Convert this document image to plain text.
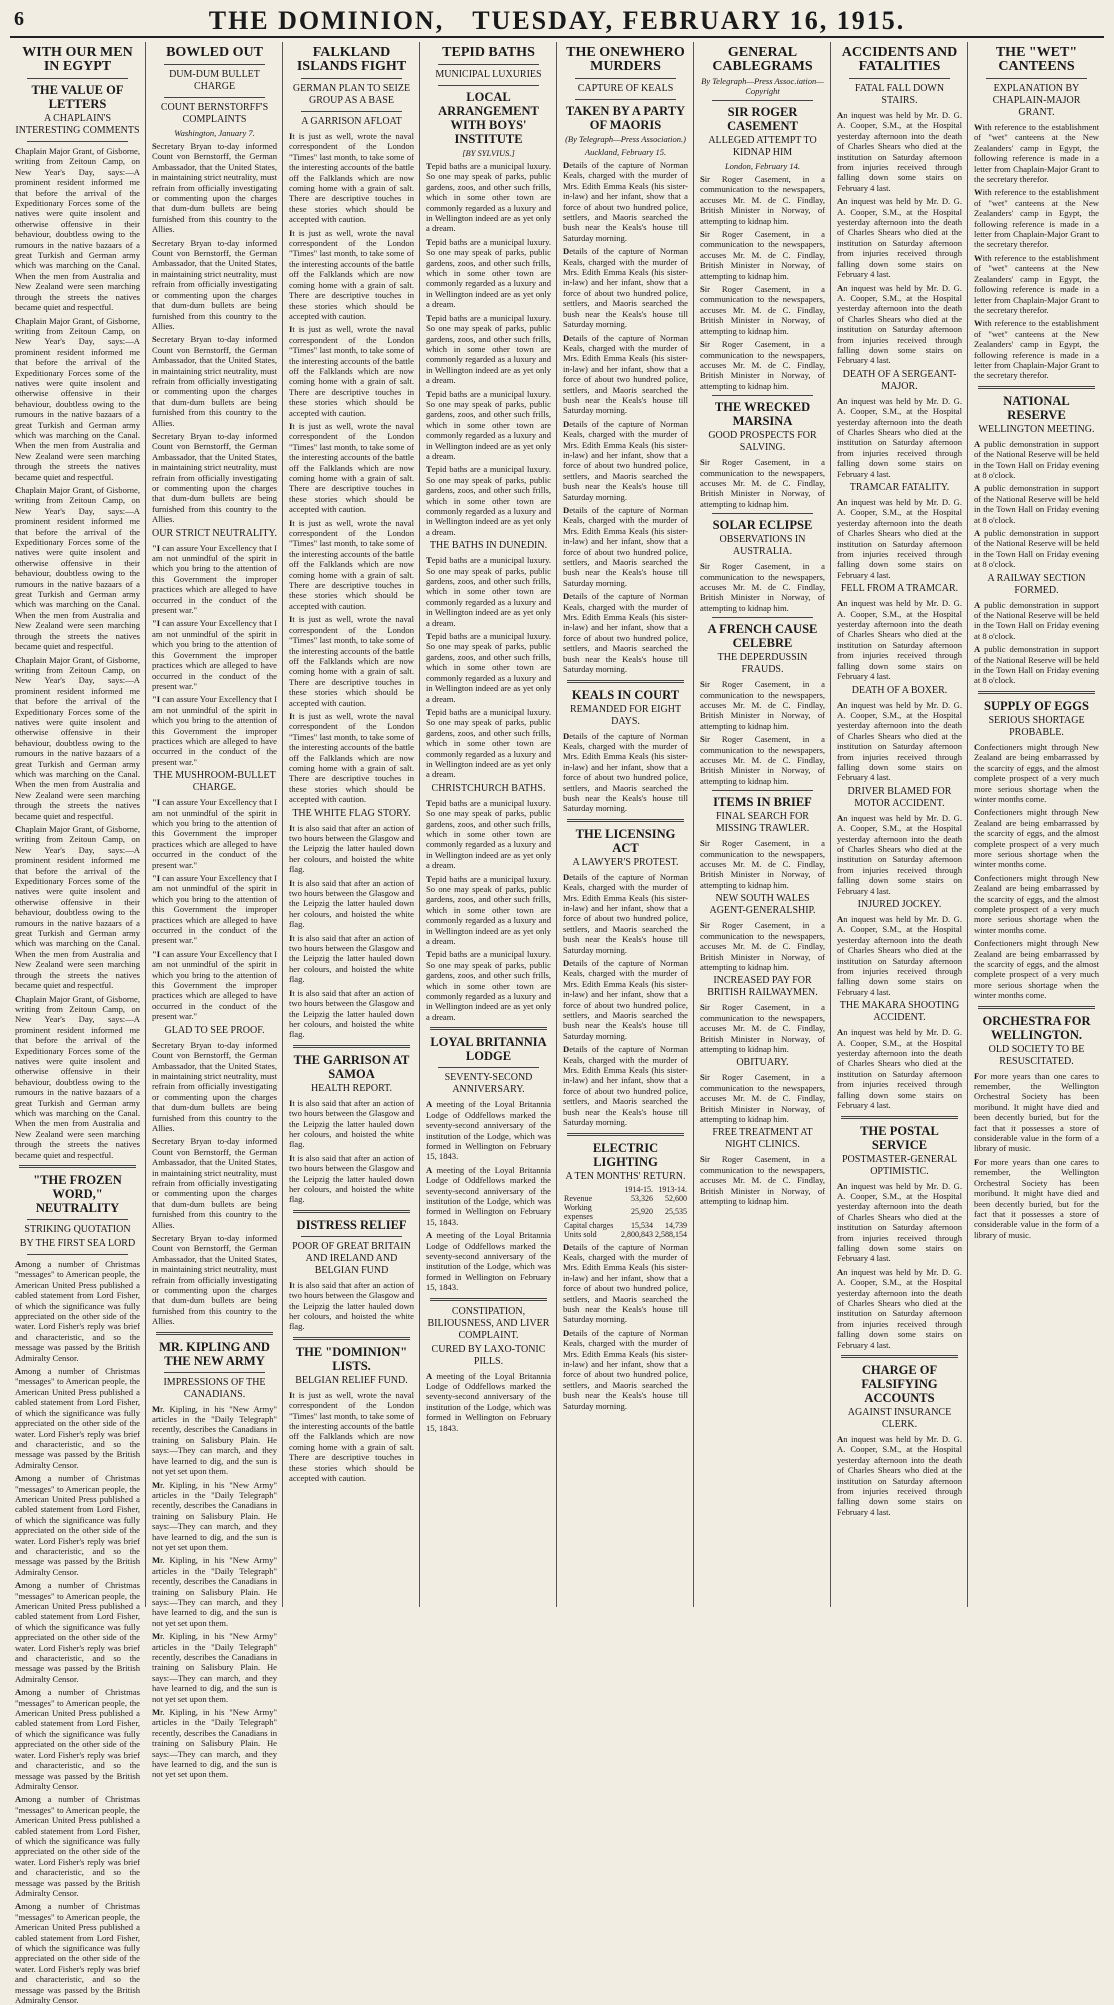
6	THE DOMINION, TUESDAY, FEBRUARY 16, 1915.
WITH OUR MEN IN EGYPT
THE VALUE OF LETTERS
A CHAPLAIN'S INTERESTING COMMENTS
Chaplain Major Grant, of Gisborne, writing from Zeitoun Camp, on New Year's Day, says:—A prominent resident informed me that before the arrival of the Expeditionary Forces some of the natives were quite insolent and otherwise offensive in their behaviour, doubtless owing to the rumours in the native bazaars of a great Turkish and German army which was marching on the Canal. When the men from Australia and New Zealand were seen marching through the streets the natives became quiet and respectful.
Chaplain Major Grant, of Gisborne, writing from Zeitoun Camp, on New Year's Day, says:—A prominent resident informed me that before the arrival of the Expeditionary Forces some of the natives were quite insolent and otherwise offensive in their behaviour, doubtless owing to the rumours in the native bazaars of a great Turkish and German army which was marching on the Canal. When the men from Australia and New Zealand were seen marching through the streets the natives became quiet and respectful.
Chaplain Major Grant, of Gisborne, writing from Zeitoun Camp, on New Year's Day, says:—A prominent resident informed me that before the arrival of the Expeditionary Forces some of the natives were quite insolent and otherwise offensive in their behaviour, doubtless owing to the rumours in the native bazaars of a great Turkish and German army which was marching on the Canal. When the men from Australia and New Zealand were seen marching through the streets the natives became quiet and respectful.
Chaplain Major Grant, of Gisborne, writing from Zeitoun Camp, on New Year's Day, says:—A prominent resident informed me that before the arrival of the Expeditionary Forces some of the natives were quite insolent and otherwise offensive in their behaviour, doubtless owing to the rumours in the native bazaars of a great Turkish and German army which was marching on the Canal. When the men from Australia and New Zealand were seen marching through the streets the natives became quiet and respectful.
Chaplain Major Grant, of Gisborne, writing from Zeitoun Camp, on New Year's Day, says:—A prominent resident informed me that before the arrival of the Expeditionary Forces some of the natives were quite insolent and otherwise offensive in their behaviour, doubtless owing to the rumours in the native bazaars of a great Turkish and German army which was marching on the Canal. When the men from Australia and New Zealand were seen marching through the streets the natives became quiet and respectful.
Chaplain Major Grant, of Gisborne, writing from Zeitoun Camp, on New Year's Day, says:—A prominent resident informed me that before the arrival of the Expeditionary Forces some of the natives were quite insolent and otherwise offensive in their behaviour, doubtless owing to the rumours in the native bazaars of a great Turkish and German army which was marching on the Canal. When the men from Australia and New Zealand were seen marching through the streets the natives became quiet and respectful.
"THE FROZEN WORD," NEUTRALITY
STRIKING QUOTATION
BY THE FIRST SEA LORD
Among a number of Christmas "messages" to American people, the American United Press published a cabled statement from Lord Fisher, of which the significance was fully appreciated on the other side of the water. Lord Fisher's reply was brief and characteristic, and so the message was passed by the British Admiralty Censor.
Among a number of Christmas "messages" to American people, the American United Press published a cabled statement from Lord Fisher, of which the significance was fully appreciated on the other side of the water. Lord Fisher's reply was brief and characteristic, and so the message was passed by the British Admiralty Censor.
Among a number of Christmas "messages" to American people, the American United Press published a cabled statement from Lord Fisher, of which the significance was fully appreciated on the other side of the water. Lord Fisher's reply was brief and characteristic, and so the message was passed by the British Admiralty Censor.
Among a number of Christmas "messages" to American people, the American United Press published a cabled statement from Lord Fisher, of which the significance was fully appreciated on the other side of the water. Lord Fisher's reply was brief and characteristic, and so the message was passed by the British Admiralty Censor.
Among a number of Christmas "messages" to American people, the American United Press published a cabled statement from Lord Fisher, of which the significance was fully appreciated on the other side of the water. Lord Fisher's reply was brief and characteristic, and so the message was passed by the British Admiralty Censor.
Among a number of Christmas "messages" to American people, the American United Press published a cabled statement from Lord Fisher, of which the significance was fully appreciated on the other side of the water. Lord Fisher's reply was brief and characteristic, and so the message was passed by the British Admiralty Censor.
Among a number of Christmas "messages" to American people, the American United Press published a cabled statement from Lord Fisher, of which the significance was fully appreciated on the other side of the water. Lord Fisher's reply was brief and characteristic, and so the message was passed by the British Admiralty Censor.
BOWLED OUT
DUM-DUM BULLET CHARGE
COUNT BERNSTORFF'S COMPLAINTS
Washington, January 7.
Secretary Bryan to-day informed Count von Bernstorff, the German Ambassador, that the United States, in maintaining strict neutrality, must refrain from officially investigating or commenting upon the charges that dum-dum bullets are being furnished from this country to the Allies.
Secretary Bryan to-day informed Count von Bernstorff, the German Ambassador, that the United States, in maintaining strict neutrality, must refrain from officially investigating or commenting upon the charges that dum-dum bullets are being furnished from this country to the Allies.
Secretary Bryan to-day informed Count von Bernstorff, the German Ambassador, that the United States, in maintaining strict neutrality, must refrain from officially investigating or commenting upon the charges that dum-dum bullets are being furnished from this country to the Allies.
Secretary Bryan to-day informed Count von Bernstorff, the German Ambassador, that the United States, in maintaining strict neutrality, must refrain from officially investigating or commenting upon the charges that dum-dum bullets are being furnished from this country to the Allies.
OUR STRICT NEUTRALITY.
"I can assure Your Excellency that I am not unmindful of the spirit in which you bring to the attention of this Government the improper practices which are alleged to have occurred in the conduct of the present war."
"I can assure Your Excellency that I am not unmindful of the spirit in which you bring to the attention of this Government the improper practices which are alleged to have occurred in the conduct of the present war."
"I can assure Your Excellency that I am not unmindful of the spirit in which you bring to the attention of this Government the improper practices which are alleged to have occurred in the conduct of the present war."
THE MUSHROOM-BULLET CHARGE.
"I can assure Your Excellency that I am not unmindful of the spirit in which you bring to the attention of this Government the improper practices which are alleged to have occurred in the conduct of the present war."
"I can assure Your Excellency that I am not unmindful of the spirit in which you bring to the attention of this Government the improper practices which are alleged to have occurred in the conduct of the present war."
"I can assure Your Excellency that I am not unmindful of the spirit in which you bring to the attention of this Government the improper practices which are alleged to have occurred in the conduct of the present war."
GLAD TO SEE PROOF.
Secretary Bryan to-day informed Count von Bernstorff, the German Ambassador, that the United States, in maintaining strict neutrality, must refrain from officially investigating or commenting upon the charges that dum-dum bullets are being furnished from this country to the Allies.
Secretary Bryan to-day informed Count von Bernstorff, the German Ambassador, that the United States, in maintaining strict neutrality, must refrain from officially investigating or commenting upon the charges that dum-dum bullets are being furnished from this country to the Allies.
Secretary Bryan to-day informed Count von Bernstorff, the German Ambassador, that the United States, in maintaining strict neutrality, must refrain from officially investigating or commenting upon the charges that dum-dum bullets are being furnished from this country to the Allies.
MR. KIPLING AND THE NEW ARMY
IMPRESSIONS OF THE CANADIANS.
Mr. Kipling, in his "New Army" articles in the "Daily Telegraph" recently, describes the Canadians in training on Salisbury Plain. He says:—They can march, and they have learned to dig, and the sun is not yet set upon them.
Mr. Kipling, in his "New Army" articles in the "Daily Telegraph" recently, describes the Canadians in training on Salisbury Plain. He says:—They can march, and they have learned to dig, and the sun is not yet set upon them.
Mr. Kipling, in his "New Army" articles in the "Daily Telegraph" recently, describes the Canadians in training on Salisbury Plain. He says:—They can march, and they have learned to dig, and the sun is not yet set upon them.
Mr. Kipling, in his "New Army" articles in the "Daily Telegraph" recently, describes the Canadians in training on Salisbury Plain. He says:—They can march, and they have learned to dig, and the sun is not yet set upon them.
Mr. Kipling, in his "New Army" articles in the "Daily Telegraph" recently, describes the Canadians in training on Salisbury Plain. He says:—They can march, and they have learned to dig, and the sun is not yet set upon them.
FALKLAND ISLANDS FIGHT
GERMAN PLAN TO SEIZE GROUP AS A BASE
A GARRISON AFLOAT
It is just as well, wrote the naval correspondent of the London "Times" last month, to take some of the interesting accounts of the battle off the Falklands which are now coming home with a grain of salt. There are descriptive touches in these stories which should be accepted with caution.
It is just as well, wrote the naval correspondent of the London "Times" last month, to take some of the interesting accounts of the battle off the Falklands which are now coming home with a grain of salt. There are descriptive touches in these stories which should be accepted with caution.
It is just as well, wrote the naval correspondent of the London "Times" last month, to take some of the interesting accounts of the battle off the Falklands which are now coming home with a grain of salt. There are descriptive touches in these stories which should be accepted with caution.
It is just as well, wrote the naval correspondent of the London "Times" last month, to take some of the interesting accounts of the battle off the Falklands which are now coming home with a grain of salt. There are descriptive touches in these stories which should be accepted with caution.
It is just as well, wrote the naval correspondent of the London "Times" last month, to take some of the interesting accounts of the battle off the Falklands which are now coming home with a grain of salt. There are descriptive touches in these stories which should be accepted with caution.
It is just as well, wrote the naval correspondent of the London "Times" last month, to take some of the interesting accounts of the battle off the Falklands which are now coming home with a grain of salt. There are descriptive touches in these stories which should be accepted with caution.
It is just as well, wrote the naval correspondent of the London "Times" last month, to take some of the interesting accounts of the battle off the Falklands which are now coming home with a grain of salt. There are descriptive touches in these stories which should be accepted with caution.
THE WHITE FLAG STORY.
It is also said that after an action of two hours between the Glasgow and the Leipzig the latter hauled down her colours, and hoisted the white flag.
It is also said that after an action of two hours between the Glasgow and the Leipzig the latter hauled down her colours, and hoisted the white flag.
It is also said that after an action of two hours between the Glasgow and the Leipzig the latter hauled down her colours, and hoisted the white flag.
It is also said that after an action of two hours between the Glasgow and the Leipzig the latter hauled down her colours, and hoisted the white flag.
THE GARRISON AT SAMOA
HEALTH REPORT.
It is also said that after an action of two hours between the Glasgow and the Leipzig the latter hauled down her colours, and hoisted the white flag.
It is also said that after an action of two hours between the Glasgow and the Leipzig the latter hauled down her colours, and hoisted the white flag.
DISTRESS RELIEF
POOR OF GREAT BRITAIN AND IRELAND AND BELGIAN FUND
It is also said that after an action of two hours between the Glasgow and the Leipzig the latter hauled down her colours, and hoisted the white flag.
THE "DOMINION" LISTS.
BELGIAN RELIEF FUND.
It is just as well, wrote the naval correspondent of the London "Times" last month, to take some of the interesting accounts of the battle off the Falklands which are now coming home with a grain of salt. There are descriptive touches in these stories which should be accepted with caution.
TEPID BATHS
MUNICIPAL LUXURIES
LOCAL ARRANGEMENT WITH BOYS' INSTITUTE
[BY SYLVIUS.]
Tepid baths are a municipal luxury. So one may speak of parks, public gardens, zoos, and other such frills, which in some other town are commonly regarded as a luxury and in Wellington indeed are as yet only a dream.
Tepid baths are a municipal luxury. So one may speak of parks, public gardens, zoos, and other such frills, which in some other town are commonly regarded as a luxury and in Wellington indeed are as yet only a dream.
Tepid baths are a municipal luxury. So one may speak of parks, public gardens, zoos, and other such frills, which in some other town are commonly regarded as a luxury and in Wellington indeed are as yet only a dream.
Tepid baths are a municipal luxury. So one may speak of parks, public gardens, zoos, and other such frills, which in some other town are commonly regarded as a luxury and in Wellington indeed are as yet only a dream.
Tepid baths are a municipal luxury. So one may speak of parks, public gardens, zoos, and other such frills, which in some other town are commonly regarded as a luxury and in Wellington indeed are as yet only a dream.
THE BATHS IN DUNEDIN.
Tepid baths are a municipal luxury. So one may speak of parks, public gardens, zoos, and other such frills, which in some other town are commonly regarded as a luxury and in Wellington indeed are as yet only a dream.
Tepid baths are a municipal luxury. So one may speak of parks, public gardens, zoos, and other such frills, which in some other town are commonly regarded as a luxury and in Wellington indeed are as yet only a dream.
Tepid baths are a municipal luxury. So one may speak of parks, public gardens, zoos, and other such frills, which in some other town are commonly regarded as a luxury and in Wellington indeed are as yet only a dream.
CHRISTCHURCH BATHS.
Tepid baths are a municipal luxury. So one may speak of parks, public gardens, zoos, and other such frills, which in some other town are commonly regarded as a luxury and in Wellington indeed are as yet only a dream.
Tepid baths are a municipal luxury. So one may speak of parks, public gardens, zoos, and other such frills, which in some other town are commonly regarded as a luxury and in Wellington indeed are as yet only a dream.
Tepid baths are a municipal luxury. So one may speak of parks, public gardens, zoos, and other such frills, which in some other town are commonly regarded as a luxury and in Wellington indeed are as yet only a dream.
LOYAL BRITANNIA LODGE
SEVENTY-SECOND ANNIVERSARY.
A meeting of the Loyal Britannia Lodge of Oddfellows marked the seventy-second anniversary of the institution of the Lodge, which was formed in Wellington on February 15, 1843.
A meeting of the Loyal Britannia Lodge of Oddfellows marked the seventy-second anniversary of the institution of the Lodge, which was formed in Wellington on February 15, 1843.
A meeting of the Loyal Britannia Lodge of Oddfellows marked the seventy-second anniversary of the institution of the Lodge, which was formed in Wellington on February 15, 1843.
CONSTIPATION, BILIOUSNESS, AND LIVER COMPLAINT.
CURED BY LAXO-TONIC PILLS.
A meeting of the Loyal Britannia Lodge of Oddfellows marked the seventy-second anniversary of the institution of the Lodge, which was formed in Wellington on February 15, 1843.
THE ONEWHERO MURDERS
CAPTURE OF KEALS
TAKEN BY A PARTY OF MAORIS
(By Telegraph—Press Association.)
Auckland, February 15.
Details of the capture of Norman Keals, charged with the murder of Mrs. Edith Emma Keals (his sister-in-law) and her infant, show that a force of about two hundred police, settlers, and Maoris searched the bush near the Keals's house till Saturday morning.
Details of the capture of Norman Keals, charged with the murder of Mrs. Edith Emma Keals (his sister-in-law) and her infant, show that a force of about two hundred police, settlers, and Maoris searched the bush near the Keals's house till Saturday morning.
Details of the capture of Norman Keals, charged with the murder of Mrs. Edith Emma Keals (his sister-in-law) and her infant, show that a force of about two hundred police, settlers, and Maoris searched the bush near the Keals's house till Saturday morning.
Details of the capture of Norman Keals, charged with the murder of Mrs. Edith Emma Keals (his sister-in-law) and her infant, show that a force of about two hundred police, settlers, and Maoris searched the bush near the Keals's house till Saturday morning.
Details of the capture of Norman Keals, charged with the murder of Mrs. Edith Emma Keals (his sister-in-law) and her infant, show that a force of about two hundred police, settlers, and Maoris searched the bush near the Keals's house till Saturday morning.
Details of the capture of Norman Keals, charged with the murder of Mrs. Edith Emma Keals (his sister-in-law) and her infant, show that a force of about two hundred police, settlers, and Maoris searched the bush near the Keals's house till Saturday morning.
KEALS IN COURT
REMANDED FOR EIGHT DAYS.
Details of the capture of Norman Keals, charged with the murder of Mrs. Edith Emma Keals (his sister-in-law) and her infant, show that a force of about two hundred police, settlers, and Maoris searched the bush near the Keals's house till Saturday morning.
THE LICENSING ACT
A LAWYER'S PROTEST.
Details of the capture of Norman Keals, charged with the murder of Mrs. Edith Emma Keals (his sister-in-law) and her infant, show that a force of about two hundred police, settlers, and Maoris searched the bush near the Keals's house till Saturday morning.
Details of the capture of Norman Keals, charged with the murder of Mrs. Edith Emma Keals (his sister-in-law) and her infant, show that a force of about two hundred police, settlers, and Maoris searched the bush near the Keals's house till Saturday morning.
Details of the capture of Norman Keals, charged with the murder of Mrs. Edith Emma Keals (his sister-in-law) and her infant, show that a force of about two hundred police, settlers, and Maoris searched the bush near the Keals's house till Saturday morning.
ELECTRIC LIGHTING
A TEN MONTHS' RETURN.
	1914-15.	1913-14.
Revenue	53,326	52,600
Working expenses	25,920	25,535
Capital charges	15,534	14,739
Units sold	2,800,843	2,588,154
Details of the capture of Norman Keals, charged with the murder of Mrs. Edith Emma Keals (his sister-in-law) and her infant, show that a force of about two hundred police, settlers, and Maoris searched the bush near the Keals's house till Saturday morning.
Details of the capture of Norman Keals, charged with the murder of Mrs. Edith Emma Keals (his sister-in-law) and her infant, show that a force of about two hundred police, settlers, and Maoris searched the bush near the Keals's house till Saturday morning.
GENERAL CABLEGRAMS
By Telegraph—Press Assoc.iation—Copyright
SIR ROGER CASEMENT
ALLEGED ATTEMPT TO KIDNAP HIM
London, February 14.
Sir Roger Casement, in a communication to the newspapers, accuses Mr. M. de C. Findlay, British Minister in Norway, of attempting to kidnap him.
Sir Roger Casement, in a communication to the newspapers, accuses Mr. M. de C. Findlay, British Minister in Norway, of attempting to kidnap him.
Sir Roger Casement, in a communication to the newspapers, accuses Mr. M. de C. Findlay, British Minister in Norway, of attempting to kidnap him.
Sir Roger Casement, in a communication to the newspapers, accuses Mr. M. de C. Findlay, British Minister in Norway, of attempting to kidnap him.
THE WRECKED MARSINA
GOOD PROSPECTS FOR SALVING.
Sir Roger Casement, in a communication to the newspapers, accuses Mr. M. de C. Findlay, British Minister in Norway, of attempting to kidnap him.
SOLAR ECLIPSE
OBSERVATIONS IN AUSTRALIA.
Sir Roger Casement, in a communication to the newspapers, accuses Mr. M. de C. Findlay, British Minister in Norway, of attempting to kidnap him.
A FRENCH CAUSE CELEBRE
THE DEPERDUSSIN FRAUDS.
Sir Roger Casement, in a communication to the newspapers, accuses Mr. M. de C. Findlay, British Minister in Norway, of attempting to kidnap him.
Sir Roger Casement, in a communication to the newspapers, accuses Mr. M. de C. Findlay, British Minister in Norway, of attempting to kidnap him.
ITEMS IN BRIEF
FINAL SEARCH FOR MISSING TRAWLER.
Sir Roger Casement, in a communication to the newspapers, accuses Mr. M. de C. Findlay, British Minister in Norway, of attempting to kidnap him.
NEW SOUTH WALES AGENT-GENERALSHIP.
Sir Roger Casement, in a communication to the newspapers, accuses Mr. M. de C. Findlay, British Minister in Norway, of attempting to kidnap him.
INCREASED PAY FOR BRITISH RAILWAYMEN.
Sir Roger Casement, in a communication to the newspapers, accuses Mr. M. de C. Findlay, British Minister in Norway, of attempting to kidnap him.
OBITUARY.
Sir Roger Casement, in a communication to the newspapers, accuses Mr. M. de C. Findlay, British Minister in Norway, of attempting to kidnap him.
FREE TREATMENT AT NIGHT CLINICS.
Sir Roger Casement, in a communication to the newspapers, accuses Mr. M. de C. Findlay, British Minister in Norway, of attempting to kidnap him.
ACCIDENTS AND FATALITIES
FATAL FALL DOWN STAIRS.
An inquest was held by Mr. D. G. A. Cooper, S.M., at the Hospital yesterday afternoon into the death of Charles Shears who died at the institution on Saturday afternoon from injuries received through falling down some stairs on February 4 last.
An inquest was held by Mr. D. G. A. Cooper, S.M., at the Hospital yesterday afternoon into the death of Charles Shears who died at the institution on Saturday afternoon from injuries received through falling down some stairs on February 4 last.
An inquest was held by Mr. D. G. A. Cooper, S.M., at the Hospital yesterday afternoon into the death of Charles Shears who died at the institution on Saturday afternoon from injuries received through falling down some stairs on February 4 last.
DEATH OF A SERGEANT-MAJOR.
An inquest was held by Mr. D. G. A. Cooper, S.M., at the Hospital yesterday afternoon into the death of Charles Shears who died at the institution on Saturday afternoon from injuries received through falling down some stairs on February 4 last.
TRAMCAR FATALITY.
An inquest was held by Mr. D. G. A. Cooper, S.M., at the Hospital yesterday afternoon into the death of Charles Shears who died at the institution on Saturday afternoon from injuries received through falling down some stairs on February 4 last.
FELL FROM A TRAMCAR.
An inquest was held by Mr. D. G. A. Cooper, S.M., at the Hospital yesterday afternoon into the death of Charles Shears who died at the institution on Saturday afternoon from injuries received through falling down some stairs on February 4 last.
DEATH OF A BOXER.
An inquest was held by Mr. D. G. A. Cooper, S.M., at the Hospital yesterday afternoon into the death of Charles Shears who died at the institution on Saturday afternoon from injuries received through falling down some stairs on February 4 last.
DRIVER BLAMED FOR MOTOR ACCIDENT.
An inquest was held by Mr. D. G. A. Cooper, S.M., at the Hospital yesterday afternoon into the death of Charles Shears who died at the institution on Saturday afternoon from injuries received through falling down some stairs on February 4 last.
INJURED JOCKEY.
An inquest was held by Mr. D. G. A. Cooper, S.M., at the Hospital yesterday afternoon into the death of Charles Shears who died at the institution on Saturday afternoon from injuries received through falling down some stairs on February 4 last.
THE MAKARA SHOOTING ACCIDENT.
An inquest was held by Mr. D. G. A. Cooper, S.M., at the Hospital yesterday afternoon into the death of Charles Shears who died at the institution on Saturday afternoon from injuries received through falling down some stairs on February 4 last.
THE POSTAL SERVICE
POSTMASTER-GENERAL OPTIMISTIC.
An inquest was held by Mr. D. G. A. Cooper, S.M., at the Hospital yesterday afternoon into the death of Charles Shears who died at the institution on Saturday afternoon from injuries received through falling down some stairs on February 4 last.
An inquest was held by Mr. D. G. A. Cooper, S.M., at the Hospital yesterday afternoon into the death of Charles Shears who died at the institution on Saturday afternoon from injuries received through falling down some stairs on February 4 last.
CHARGE OF FALSIFYING ACCOUNTS
AGAINST INSURANCE CLERK.
An inquest was held by Mr. D. G. A. Cooper, S.M., at the Hospital yesterday afternoon into the death of Charles Shears who died at the institution on Saturday afternoon from injuries received through falling down some stairs on February 4 last.
THE "WET" CANTEENS
EXPLANATION BY CHAPLAIN-MAJOR GRANT.
With reference to the establishment of "wet" canteens at the New Zealanders' camp in Egypt, the following reference is made in a letter from Chaplain-Major Grant to the secretary therefor.
With reference to the establishment of "wet" canteens at the New Zealanders' camp in Egypt, the following reference is made in a letter from Chaplain-Major Grant to the secretary therefor.
With reference to the establishment of "wet" canteens at the New Zealanders' camp in Egypt, the following reference is made in a letter from Chaplain-Major Grant to the secretary therefor.
With reference to the establishment of "wet" canteens at the New Zealanders' camp in Egypt, the following reference is made in a letter from Chaplain-Major Grant to the secretary therefor.
NATIONAL RESERVE
WELLINGTON MEETING.
A public demonstration in support of the National Reserve will be held in the Town Hall on Friday evening at 8 o'clock.
A public demonstration in support of the National Reserve will be held in the Town Hall on Friday evening at 8 o'clock.
A public demonstration in support of the National Reserve will be held in the Town Hall on Friday evening at 8 o'clock.
A RAILWAY SECTION FORMED.
A public demonstration in support of the National Reserve will be held in the Town Hall on Friday evening at 8 o'clock.
A public demonstration in support of the National Reserve will be held in the Town Hall on Friday evening at 8 o'clock.
SUPPLY OF EGGS
SERIOUS SHORTAGE PROBABLE.
Confectioners might through New Zealand are being embarrassed by the scarcity of eggs, and the almost complete prospect of a very much more serious shortage when the winter months come.
Confectioners might through New Zealand are being embarrassed by the scarcity of eggs, and the almost complete prospect of a very much more serious shortage when the winter months come.
Confectioners might through New Zealand are being embarrassed by the scarcity of eggs, and the almost complete prospect of a very much more serious shortage when the winter months come.
Confectioners might through New Zealand are being embarrassed by the scarcity of eggs, and the almost complete prospect of a very much more serious shortage when the winter months come.
ORCHESTRA FOR WELLINGTON.
OLD SOCIETY TO BE RESUSCITATED.
For more years than one cares to remember, the Wellington Orchestral Society has been moribund. It might have died and been decently buried, but for the fact that it possesses a store of considerable value in the form of a library of music.
For more years than one cares to remember, the Wellington Orchestral Society has been moribund. It might have died and been decently buried, but for the fact that it possesses a store of considerable value in the form of a library of music.
